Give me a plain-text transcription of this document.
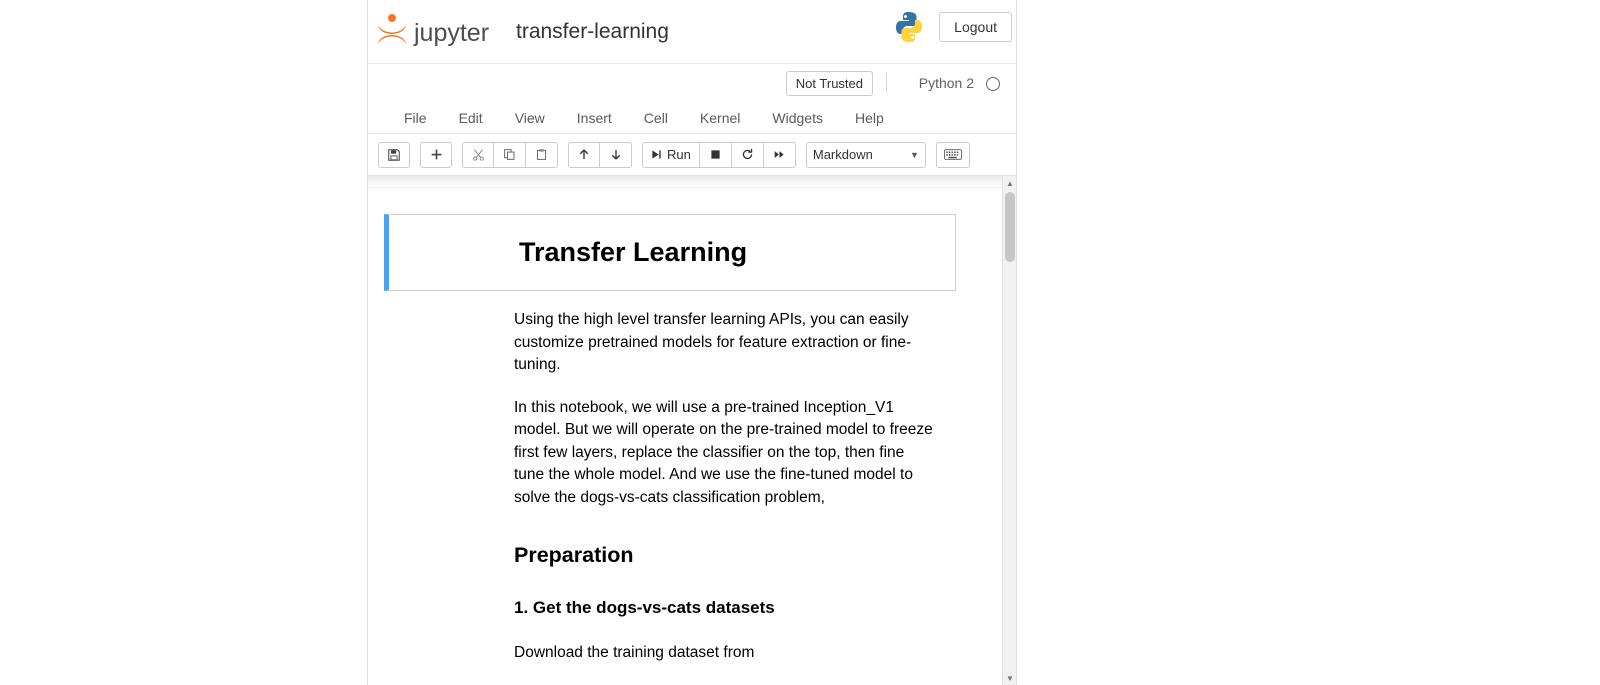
jupyter transfer-learning	Logout
Not Trusted	Python 2
File	Edit	View	Insert	Cell	Kernel	Widgets	Help
Run	Markdown	▼
▲
▼
Transfer Learning

Using the high level transfer learning APIs, you can easily customize pretrained models for feature extraction or fine-tuning.

In this notebook, we will use a pre-trained Inception_V1 model. But we will operate on the pre-trained model to freeze first few layers, replace the classifier on the top, then fine tune the whole model. And we use the fine-tuned model to solve the dogs-vs-cats classification problem,

Preparation
1. Get the dogs-vs-cats datasets

Download the training dataset from
